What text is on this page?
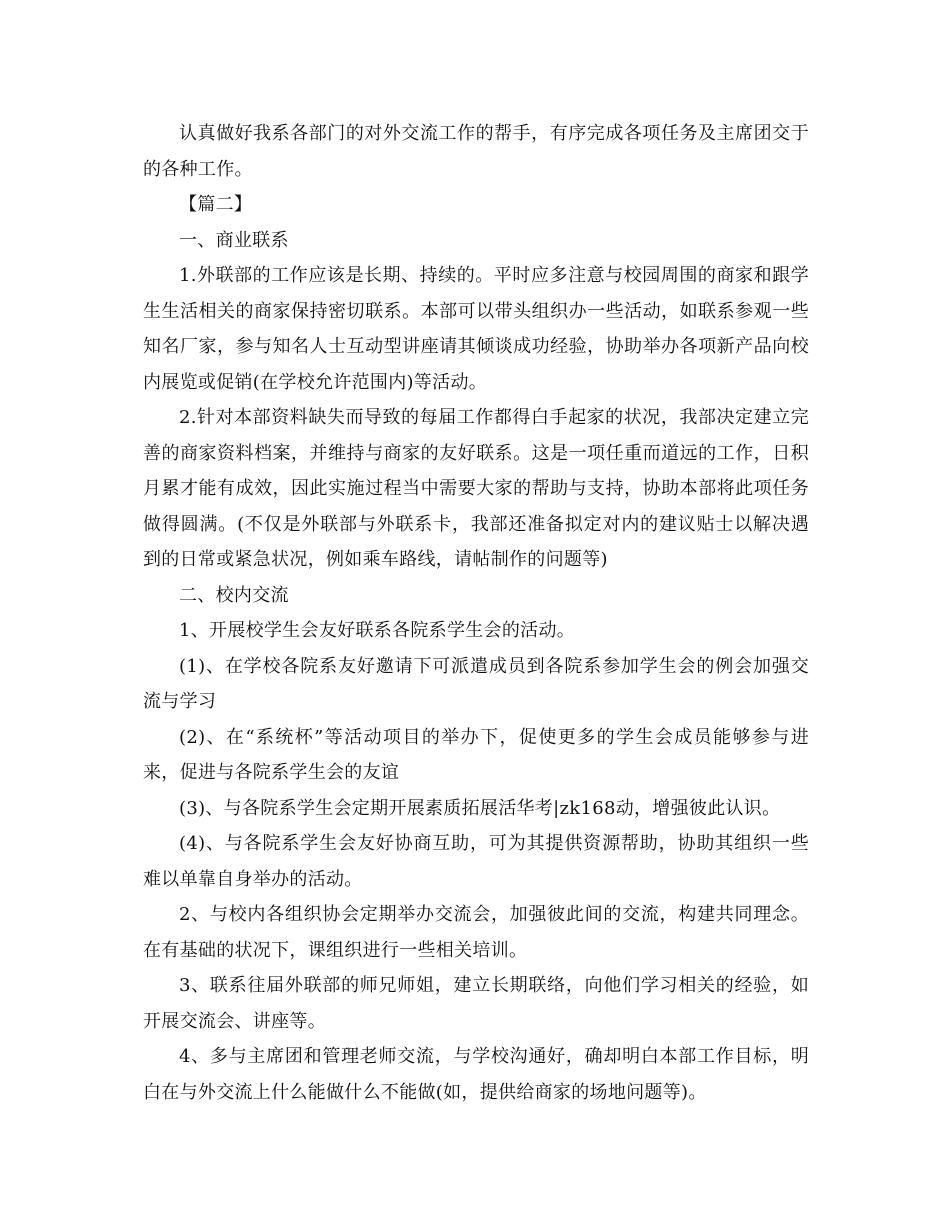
认真做好我系各部门的对外交流工作的帮手，有序完成各项任务及主席团交于的各种工作。

【篇二】

一、商业联系

1.外联部的工作应该是长期、持续的。平时应多注意与校园周围的商家和跟学生生活相关的商家保持密切联系。本部可以带头组织办一些活动，如联系参观一些知名厂家，参与知名人士互动型讲座请其倾谈成功经验，协助举办各项新产品向校内展览或促销(在学校允许范围内)等活动。

2.针对本部资料缺失而导致的每届工作都得白手起家的状况，我部决定建立完善的商家资料档案，并维持与商家的友好联系。这是一项任重而道远的工作，日积月累才能有成效，因此实施过程当中需要大家的帮助与支持，协助本部将此项任务做得圆满。(不仅是外联部与外联系卡，我部还准备拟定对内的建议贴士以解决遇到的日常或紧急状况，例如乘车路线，请帖制作的问题等)

二、校内交流

1、开展校学生会友好联系各院系学生会的活动。

(1)、在学校各院系友好邀请下可派遣成员到各院系参加学生会的例会加强交流与学习

(2)、在“系统杯”等活动项目的举办下，促使更多的学生会成员能够参与进来，促进与各院系学生会的友谊

(3)、与各院系学生会定期开展素质拓展活华考|zk168动，增强彼此认识。

(4)、与各院系学生会友好协商互助，可为其提供资源帮助，协助其组织一些难以单靠自身举办的活动。

2、与校内各组织协会定期举办交流会，加强彼此间的交流，构建共同理念。在有基础的状况下，课组织进行一些相关培训。

3、联系往届外联部的师兄师姐，建立长期联络，向他们学习相关的经验，如开展交流会、讲座等。

4、多与主席团和管理老师交流，与学校沟通好，确却明白本部工作目标，明白在与外交流上什么能做什么不能做(如，提供给商家的场地问题等)。
